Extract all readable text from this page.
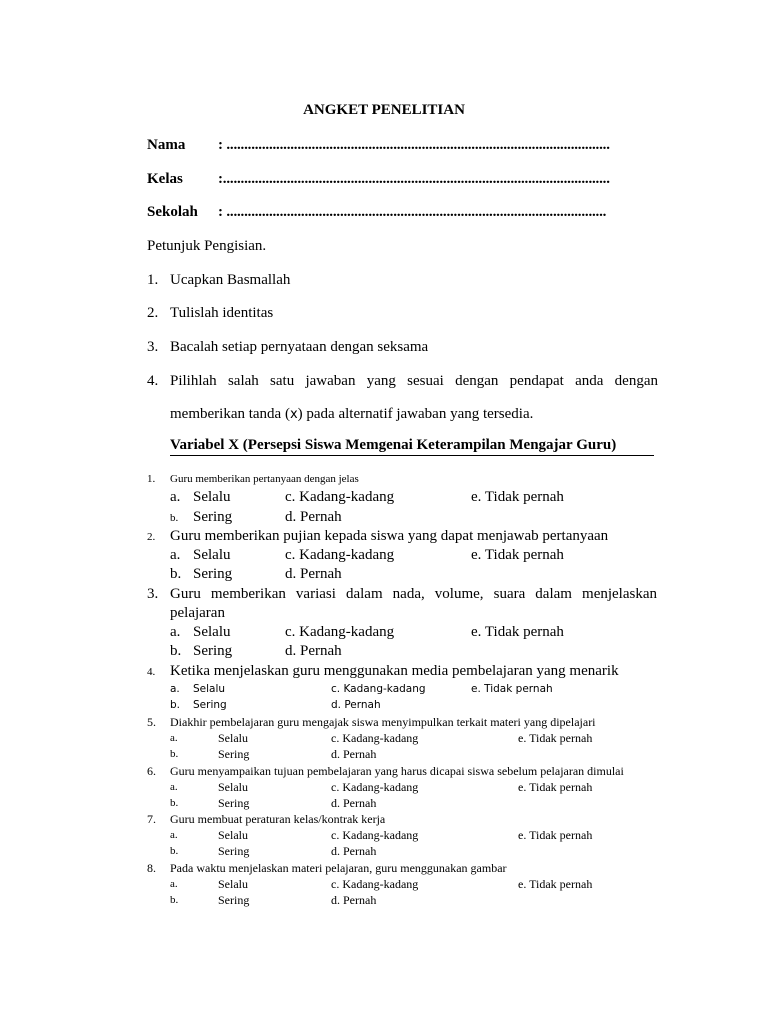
ANGKET PENELITIAN
Nama : ............................................................................................................
Kelas :.............................................................................................................
Sekolah : ...........................................................................................................
Petunjuk Pengisian.
1. Ucapkan Basmallah
2. Tulislah identitas
3. Bacalah setiap pernyataan dengan seksama
4. Pilihlah salah satu jawaban yang sesuai dengan pendapat anda dengan
memberikan tanda (x) pada alternatif jawaban yang tersedia.
Variabel X (Persepsi Siswa Memgenai Keterampilan Mengajar Guru)
1. Guru memberikan pertanyaan dengan jelas
a. Selalu	c. Kadang-kadang	e. Tidak pernah
b. Sering	d. Pernah
2. Guru memberikan pujian kepada siswa yang dapat menjawab pertanyaan
a. Selalu	c. Kadang-kadang	e. Tidak pernah
b. Sering	d. Pernah
3. Guru memberikan variasi dalam nada, volume, suara dalam menjelaskan
pelajaran
a. Selalu	c. Kadang-kadang	e. Tidak pernah
b. Sering	d. Pernah
4. Ketika menjelaskan guru menggunakan media pembelajaran yang menarik
a. Selalu	c. Kadang-kadang	e. Tidak pernah
b. Sering	d. Pernah
5. Diakhir pembelajaran guru mengajak siswa menyimpulkan terkait materi yang dipelajari
a.	Selalu	c. Kadang-kadang	e. Tidak pernah
b.	Sering	d. Pernah
6. Guru menyampaikan tujuan pembelajaran yang harus dicapai siswa sebelum pelajaran dimulai
a.	Selalu	c. Kadang-kadang	e. Tidak pernah
b.	Sering	d. Pernah
7. Guru membuat peraturan kelas/kontrak kerja
a.	Selalu	c. Kadang-kadang	e. Tidak pernah
b.	Sering	d. Pernah
8. Pada waktu menjelaskan materi pelajaran, guru menggunakan gambar
a.	Selalu	c. Kadang-kadang	e. Tidak pernah
b.	Sering	d. Pernah
